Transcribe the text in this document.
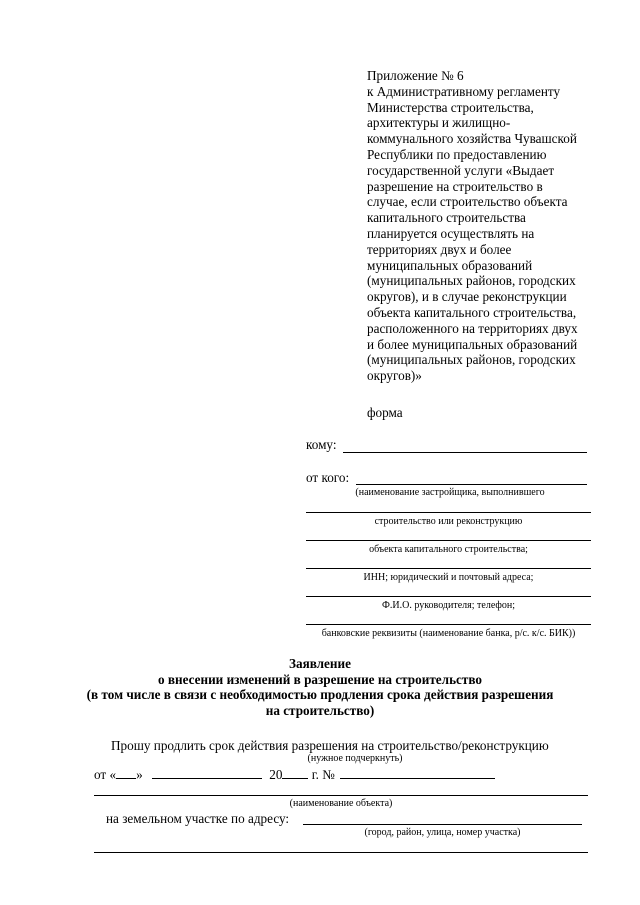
Приложение № 6
к Административному регламенту
Министерства строительства,
архитектуры и жилищно-
коммунального хозяйства Чувашской
Республики по предоставлению
государственной услуги «Выдает
разрешение на строительство в
случае, если строительство объекта
капитального строительства
планируется осуществлять на
территориях двух и более
муниципальных образований
(муниципальных районов, городских
округов), и в случае реконструкции
объекта капитального строительства,
расположенного на территориях двух
и более муниципальных образований
(муниципальных районов, городских
округов)»
форма
кому:
от кого:
(наименование застройщика, выполнившего
строительство или реконструкцию
объекта капитального строительства;
ИНН; юридический и почтовый адреса;
Ф.И.О. руководителя; телефон;
банковские реквизиты (наименование банка, р/с. к/с. БИК))
Заявление
о внесении изменений в разрешение на строительство
(в том числе в связи с необходимостью продления срока действия разрешения
на строительство)
Прошу продлить срок действия разрешения на строительство/реконструкцию
(нужное подчеркнуть)
от « »	20 г. №
(наименование объекта)
на земельном участке по адресу:
(город, район, улица, номер участка)
